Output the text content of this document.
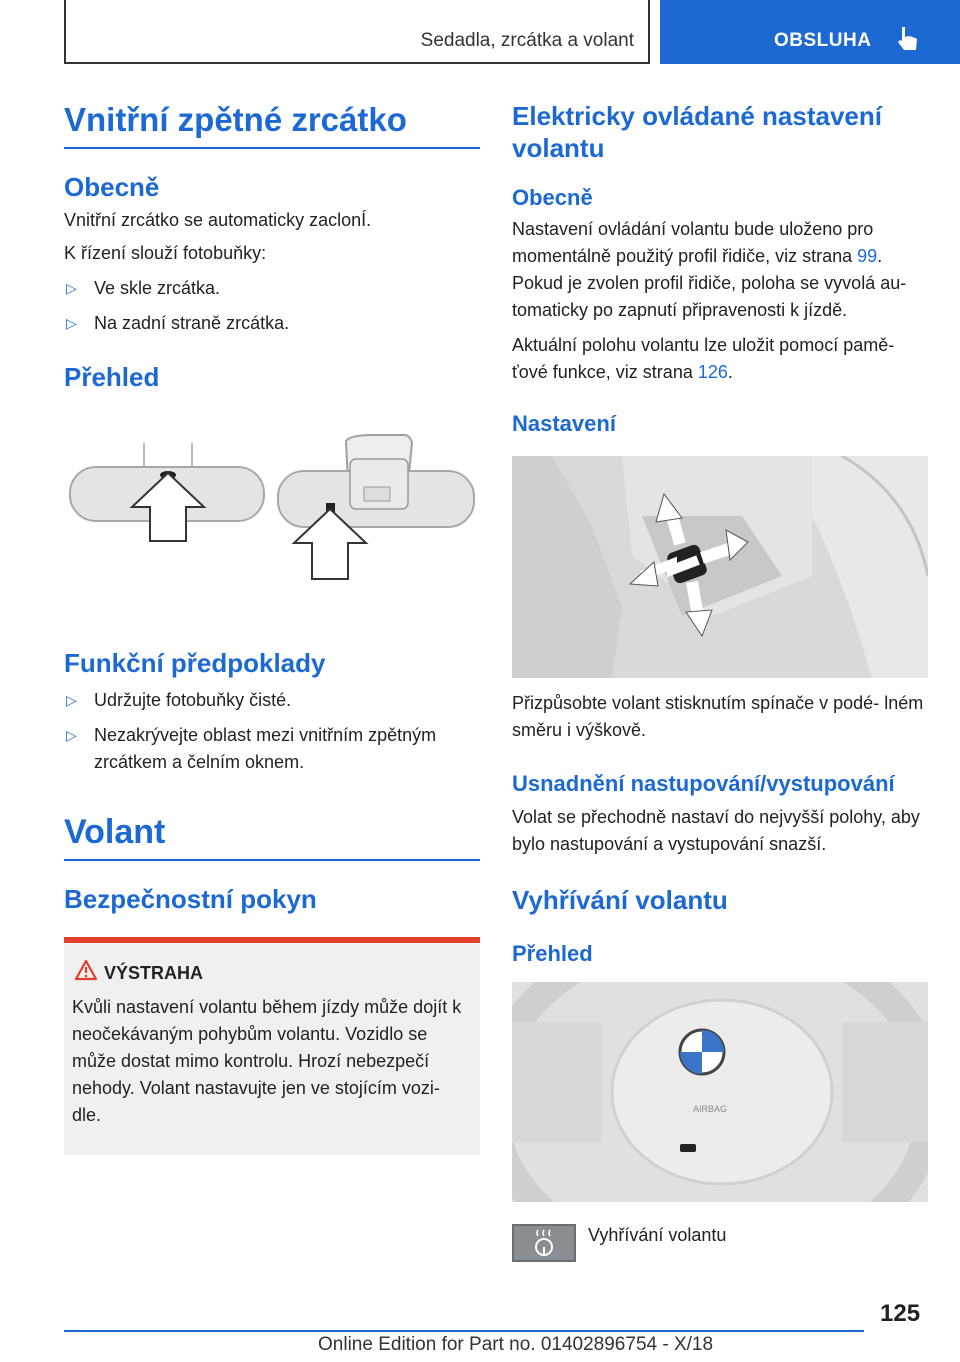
Sedadla, zrcátka a volant	OBSLUHA
Vnitřní zpětné zrcátko
Obecně
Vnitřní zrcátko se automaticky zaclonÍ.
K řízení slouží fotobuňky:
▷ Ve skle zrcátka.
▷ Na zadní straně zrcátka.
Přehled
Funkční předpoklady
▷ Udržujte fotobuňky čisté.
▷ Nezakrývejte oblast mezi vnitřním zpětným zrcátkem a čelním oknem.
Volant
Bezpečnostní pokyn
VÝSTRAHA
Kvůli nastavení volantu během jízdy může dojít k neočekávaným pohybům volantu. Vozidlo se může dostat mimo kontrolu. Hrozí nebezpečí nehody. Volant nastavujte jen ve stojícím vozi- dle.
Elektricky ovládané nastavení volantu
Obecně
Nastavení ovládání volantu bude uloženo pro momentálně použitý profil řidiče, viz strana 99. Pokud je zvolen profil řidiče, poloha se vyvolá au- tomaticky po zapnutí připravenosti k jízdě.
Aktuální polohu volantu lze uložit pomocí pamě- ťové funkce, viz strana 126.
Nastavení
Přizpůsobte volant stisknutím spínače v podé- lném směru i výškově.
Usnadnění nastupování/vystupování
Volat se přechodně nastaví do nejvyšší polohy, aby bylo nastupování a vystupování snazší.
Vyhřívání volantu
Přehled
AIRBAG
Vyhřívání volantu
125
Online Edition for Part no. 01402896754 - X/18
